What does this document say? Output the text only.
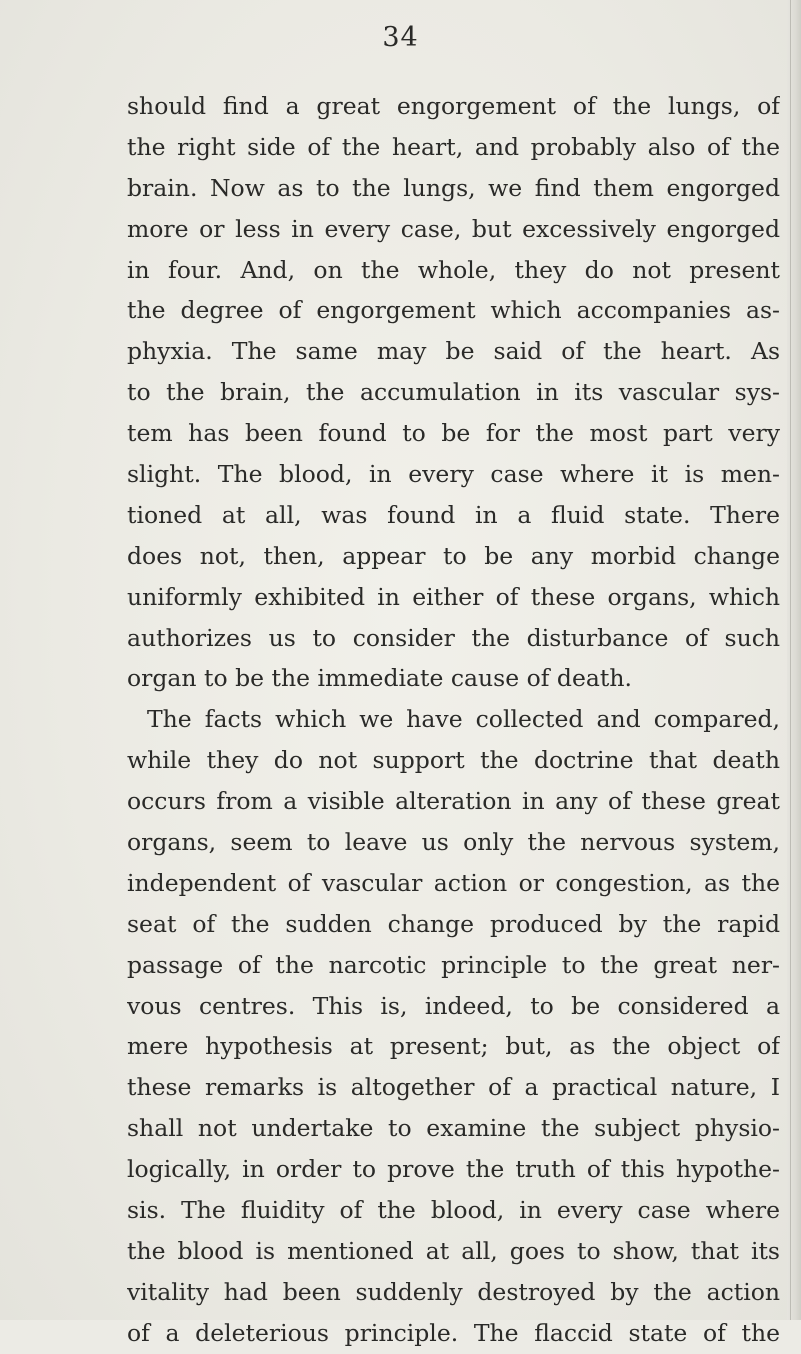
34
should find a great engorgement of the lungs, of
the right side of the heart, and probably also of the
brain. Now as to the lungs, we find them engorged
more or less in every case, but excessively engorged
in four. And, on the whole, they do not present
the degree of engorgement which accompanies as-
phyxia. The same may be said of the heart. As
to the brain, the accumulation in its vascular sys-
tem has been found to be for the most part very
slight. The blood, in every case where it is men-
tioned at all, was found in a fluid state. There
does not, then, appear to be any morbid change
uniformly exhibited in either of these organs, which
authorizes us to consider the disturbance of such
organ to be the immediate cause of death.
The facts which we have collected and compared,
while they do not support the doctrine that death
occurs from a visible alteration in any of these great
organs, seem to leave us only the nervous system,
independent of vascular action or congestion, as the
seat of the sudden change produced by the rapid
passage of the narcotic principle to the great ner-
vous centres. This is, indeed, to be considered a
mere hypothesis at present; but, as the object of
these remarks is altogether of a practical nature, I
shall not undertake to examine the subject physio-
logically, in order to prove the truth of this hypothe-
sis. The fluidity of the blood, in every case where
the blood is mentioned at all, goes to show, that its
vitality had been suddenly destroyed by the action
of a deleterious principle. The flaccid state of the
